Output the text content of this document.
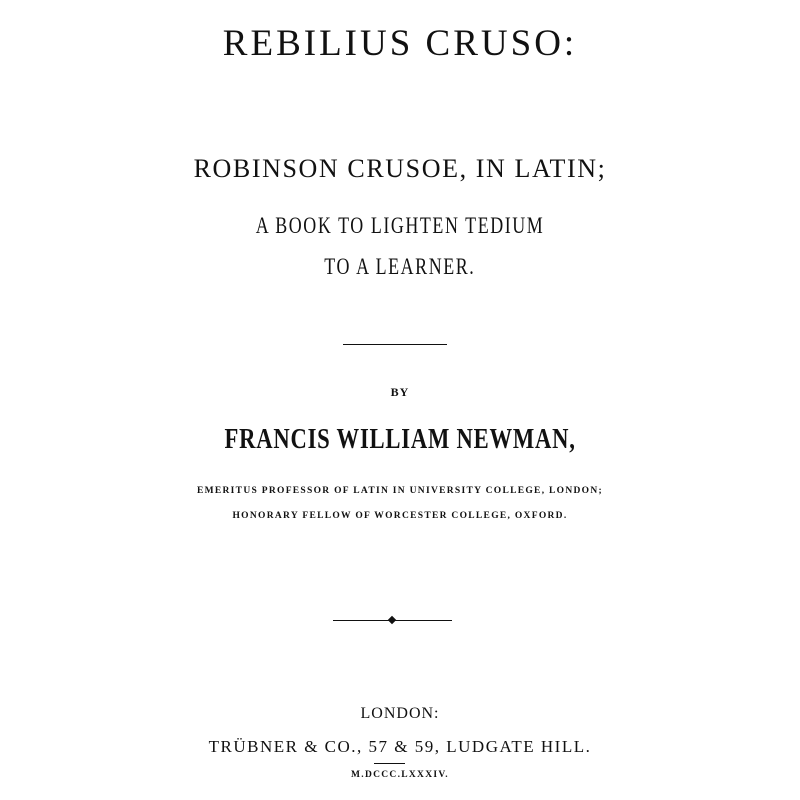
REBILIUS CRUSO:
ROBINSON CRUSOE, IN LATIN;
A BOOK TO LIGHTEN TEDIUM
TO A LEARNER.
BY
FRANCIS WILLIAM NEWMAN,
EMERITUS PROFESSOR OF LATIN IN UNIVERSITY COLLEGE, LONDON;
HONORARY FELLOW OF WORCESTER COLLEGE, OXFORD.
LONDON:
TRÜBNER & CO., 57 & 59, LUDGATE HILL.
M.DCCC.LXXXIV.
